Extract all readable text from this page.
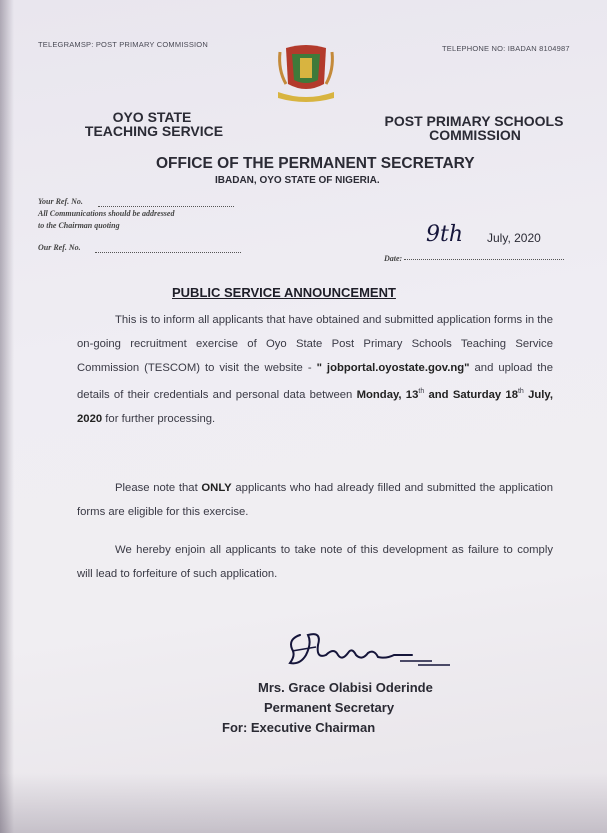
TELEGRAMSP: POST PRIMARY COMMISSION	TELEPHONE NO: IBADAN 8104987
OYO STATE
TEACHING SERVICE
POST PRIMARY SCHOOLS
COMMISSION
OFFICE OF THE PERMANENT SECRETARY
IBADAN, OYO STATE OF NIGERIA.
Your Ref. No.
All Communications should be addressed
to the Chairman quoting
Our Ref. No.
Date:
9th July, 2020
PUBLIC SERVICE ANNOUNCEMENT
This is to inform all applicants that have obtained and submitted application forms in the on-going recruitment exercise of Oyo State Post Primary Schools Teaching Service Commission (TESCOM) to visit the website - " jobportal.oyostate.gov.ng" and upload the details of their credentials and personal data between Monday, 13th and Saturday 18th July, 2020 for further processing.
Please note that ONLY applicants who had already filled and submitted the application forms are eligible for this exercise.
We hereby enjoin all applicants to take note of this development as failure to comply will lead to forfeiture of such application.
Mrs. Grace Olabisi Oderinde
Permanent Secretary
For: Executive Chairman
